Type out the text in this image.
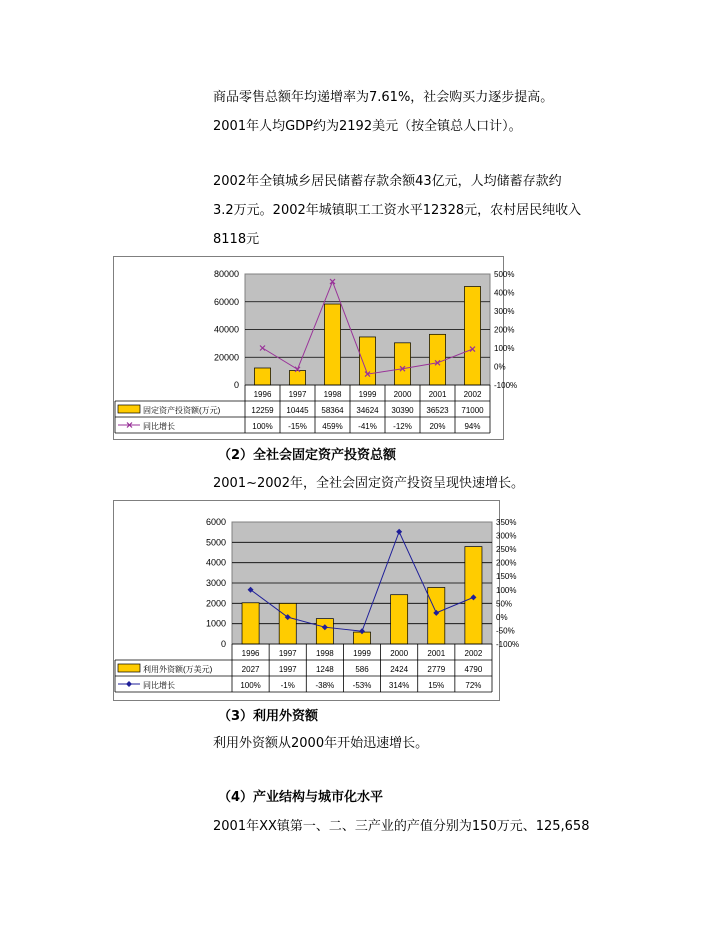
商品零售总额年均递增率为7.61%，社会购买力逐步提高。
2001年人均GDP约为2192美元（按全镇总人口计）。
2002年全镇城乡居民储蓄存款余额43亿元，人均储蓄存款约
3.2万元。2002年城镇职工工资水平12328元，农村居民纯收入
8118元
80000
60000
40000
20000
0
500%
400%
300%
200%
100%
0%
-100%
1996 1997 1998 1999 2000 2001 2002
12259 10445 58364 34624 30390 36523 71000
100% -15% 459% -41% -12% 20% 94%
固定资产投资额(万元)
同比增长
（2）全社会固定资产投资总额
2001~2002年，全社会固定资产投资呈现快速增长。
6000
5000
4000
3000
2000
1000
0
350%
300%
250%
200%
150%
100%
50%
0%
-50%
-100%
1996 1997 1998 1999 2000 2001 2002
2027 1997 1248	586	2424 2779 4790
100% -1%	-38% -53% 314% 15%	72%
利用外资额(万美元)
同比增长
（3）利用外资额
利用外资额从2000年开始迅速增长。
（4）产业结构与城市化水平
2001年XX镇第一、二、三产业的产值分别为150万元、125,658
